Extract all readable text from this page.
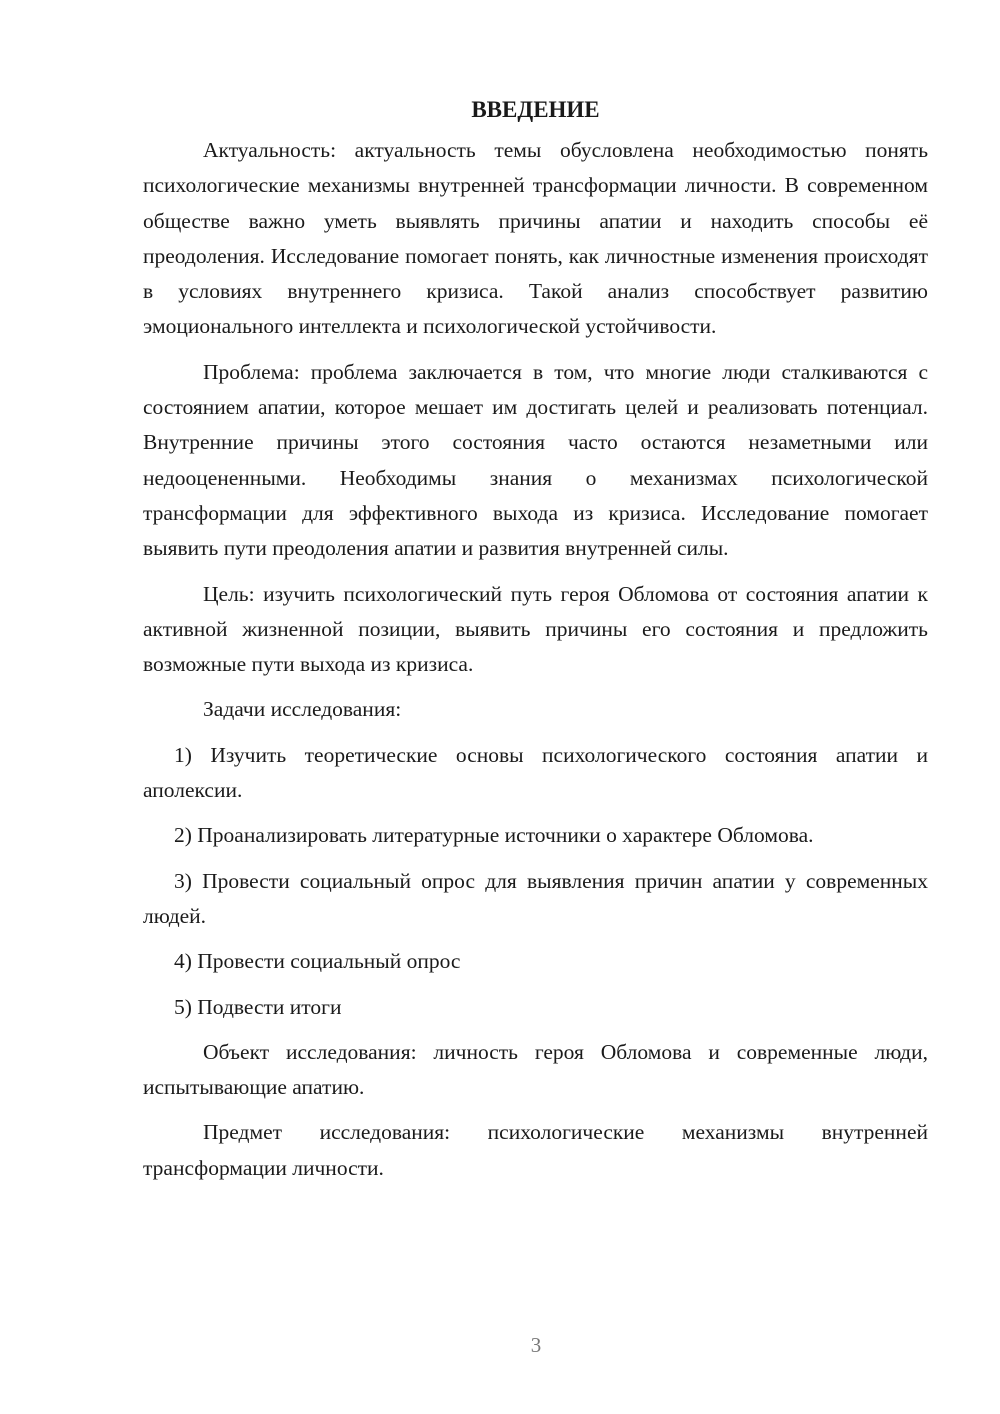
ВВЕДЕНИЕ

Актуальность: актуальность темы обусловлена необходимостью понять психологические механизмы внутренней трансформации личности. В современном обществе важно уметь выявлять причины апатии и находить способы её преодоления. Исследование помогает понять, как личностные изменения происходят в условиях внутреннего кризиса. Такой анализ способствует развитию эмоционального интеллекта и психологической устойчивости.

Проблема: проблема заключается в том, что многие люди сталкиваются с состоянием апатии, которое мешает им достигать целей и реализовать потенциал. Внутренние причины этого состояния часто остаются незаметными или недооцененными. Необходимы знания о механизмах психологической трансформации для эффективного выхода из кризиса. Исследование помогает выявить пути преодоления апатии и развития внутренней силы.

Цель: изучить психологический путь героя Обломова от состояния апатии к активной жизненной позиции, выявить причины его состояния и предложить возможные пути выхода из кризиса.

Задачи исследования:

1) Изучить теоретические основы психологического состояния апатии и аполексии.

2) Проанализировать литературные источники о характере Обломова.

3) Провести социальный опрос для выявления причин апатии у современных людей.

4) Провести социальный опрос

5) Подвести итоги

Объект исследования: личность героя Обломова и современные люди, испытывающие апатию.

Предмет исследования: психологические механизмы внутренней трансформации личности.

3
